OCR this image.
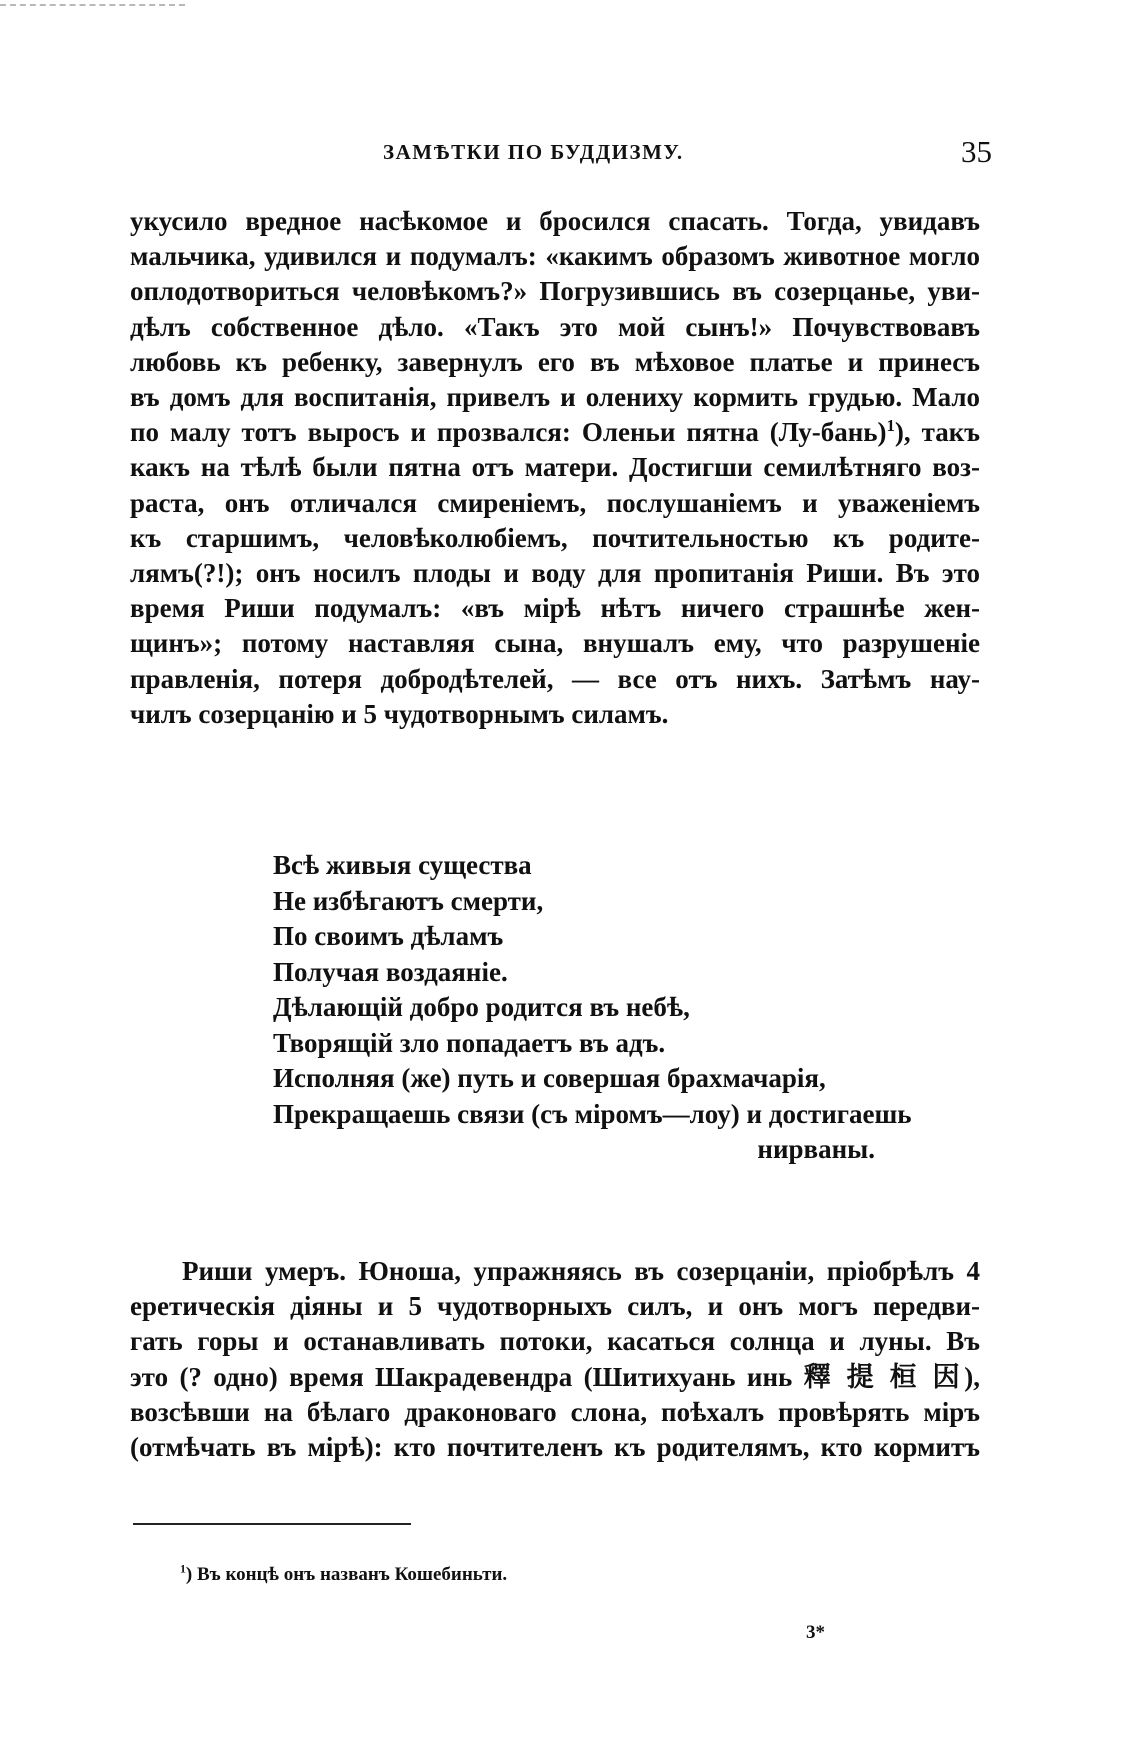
ЗАМѢТКИ ПО БУДДИЗМУ.	35
укусило вредное насѣкомое и бросился спасать. Тогда, увидавъ
мальчика, удивился и подумалъ: «какимъ образомъ животное могло
оплодотвориться человѣкомъ?» Погрузившись въ созерцанье, уви-
дѣлъ собственное дѣло. «Такъ это мой сынъ!» Почувствовавъ
любовь къ ребенку, завернулъ его въ мѣховое платье и принесъ
въ домъ для воспитанія, привелъ и олениху кормить грудью. Мало
по малу тотъ выросъ и прозвался: Оленьи пятна (Лу-бань)$^1$), такъ
какъ на тѣлѣ были пятна отъ матери. Достигши семилѣтняго воз-
раста, онъ отличался смиреніемъ, послушаніемъ и уваженіемъ
къ старшимъ, человѣколюбіемъ, почтительностью къ родите-
лямъ(?!); онъ носилъ плоды и воду для пропитанія Риши. Въ это
время Риши подумалъ: «въ мірѣ нѣтъ ничего страшнѣе жен-
щинъ»; потому наставляя сына, внушалъ ему, что разрушеніе
правленія, потеря добродѣтелей, — все отъ нихъ. Затѣмъ нау-
чилъ созерцанію и 5 чудотворнымъ силамъ.
Всѣ живыя существа
Не избѣгаютъ смерти,
По своимъ дѣламъ
Получая воздаяніе.
Дѣлающій добро родится въ небѣ,
Творящій зло попадаетъ въ адъ.
Исполняя (же) путь и совершая брахмачарія,
Прекращаешь связи (съ міромъ—лоу) и достигаешь
нирваны.
Риши умеръ. Юноша, упражняясь въ созерцаніи, пріобрѣлъ 4
еретическія діяны и 5 чудотворныхъ силъ, и онъ могъ передви-
гать горы и останавливать потоки, касаться солнца и луны. Въ
это (? одно) время Шакрадевендра (Шитихуань инь 釋 提 桓 因),
возсѣвши на бѣлаго драконоваго слона, поѣхалъ провѣрять міръ
(отмѣчать въ мірѣ): кто почтителенъ къ родителямъ, кто кормитъ
$^1$) Въ концѣ онъ названъ Кошебиньти.
3*
